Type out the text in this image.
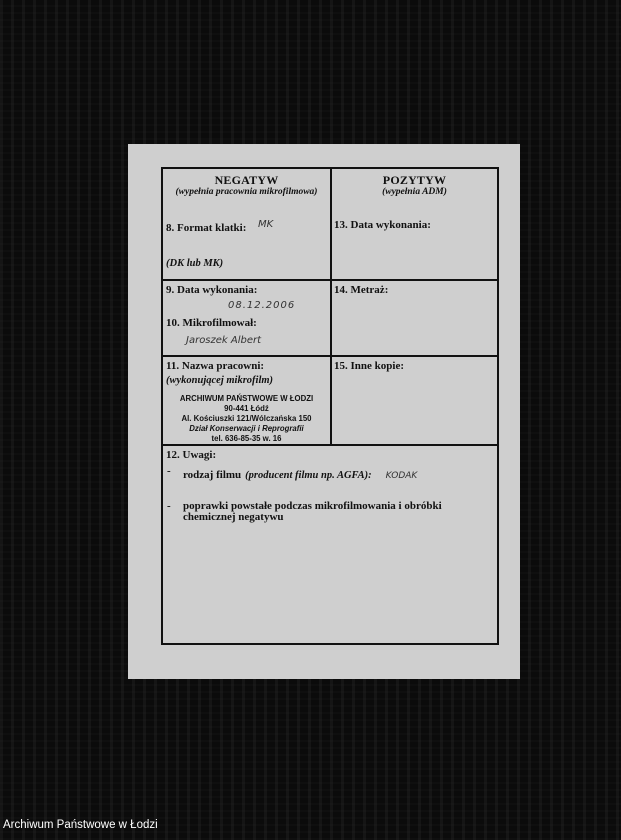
NEGATYW
(wypełnia pracownia mikrofilmowa)
8. Format klatki: MK
(DK lub MK)
POZYTYW
(wypełnia ADM)
13. Data wykonania:
9. Data wykonania:
08.12.2006
10. Mikrofilmował:
Jaroszek Albert
14. Metraż:
11. Nazwa pracowni:
(wykonującej mikrofilm)
ARCHIWUM PAŃSTWOWE W ŁODZI
90-441 Łódź
Al. Kościuszki 121/Wólczańska 150
Dział Konserwacji i Reprografii
tel. 636-85-35 w. 16
15. Inne kopie:
12. Uwagi:
- rodzaj filmu (producent filmu np. AGFA): KODAK
- poprawki powstałe podczas mikrofilmowania i obróbki
chemicznej negatywu
Archiwum Państwowe w Łodzi
